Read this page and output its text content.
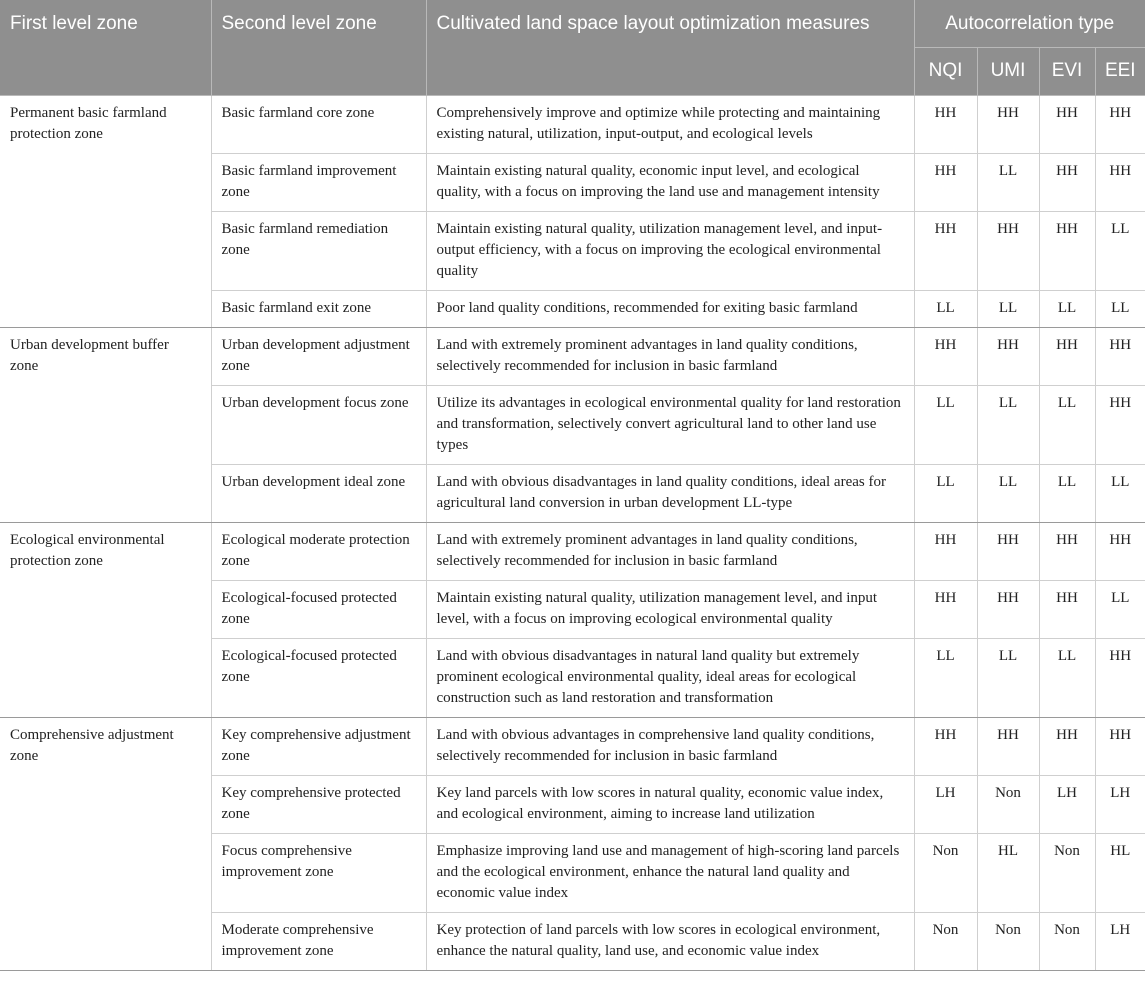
First level zone	Second level zone	Cultivated land space layout optimization measures	Autocorrelation type			
			NQI	UMI	EVI	EEI
Permanent basic farmland protection zone	Basic farmland core zone	Comprehensively improve and optimize while protecting and maintaining existing natural, utilization, input-output, and ecological levels	HH	HH	HH	HH
	Basic farmland improvement zone	Maintain existing natural quality, economic input level, and ecological quality, with a focus on improving the land use and management intensity	HH	LL	HH	HH
	Basic farmland remediation zone	Maintain existing natural quality, utilization management level, and input-output efficiency, with a focus on improving the ecological environmental quality	HH	HH	HH	LL
	Basic farmland exit zone	Poor land quality conditions, recommended for exiting basic farmland	LL	LL	LL	LL
Urban development buffer zone	Urban development adjustment zone	Land with extremely prominent advantages in land quality conditions, selectively recommended for inclusion in basic farmland	HH	HH	HH	HH
	Urban development focus zone	Utilize its advantages in ecological environmental quality for land restoration and transformation, selectively convert agricultural land to other land use types	LL	LL	LL	HH
	Urban development ideal zone	Land with obvious disadvantages in land quality conditions, ideal areas for agricultural land conversion in urban development LL-type	LL	LL	LL	LL
Ecological environmental protection zone	Ecological moderate protection zone	Land with extremely prominent advantages in land quality conditions, selectively recommended for inclusion in basic farmland	HH	HH	HH	HH
	Ecological-focused protected zone	Maintain existing natural quality, utilization management level, and input level, with a focus on improving ecological environmental quality	HH	HH	HH	LL
	Ecological-focused protected zone	Land with obvious disadvantages in natural land quality but extremely prominent ecological environmental quality, ideal areas for ecological construction such as land restoration and transformation	LL	LL	LL	HH
Comprehensive adjustment zone	Key comprehensive adjustment zone	Land with obvious advantages in comprehensive land quality conditions, selectively recommended for inclusion in basic farmland	HH	HH	HH	HH
	Key comprehensive protected zone	Key land parcels with low scores in natural quality, economic value index, and ecological environment, aiming to increase land utilization	LH	Non	LH	LH
	Focus comprehensive improvement zone	Emphasize improving land use and management of high-scoring land parcels and the ecological environment, enhance the natural land quality and economic value index	Non	HL	Non	HL
	Moderate comprehensive improvement zone	Key protection of land parcels with low scores in ecological environment, enhance the natural quality, land use, and economic value index	Non	Non	Non	LH
